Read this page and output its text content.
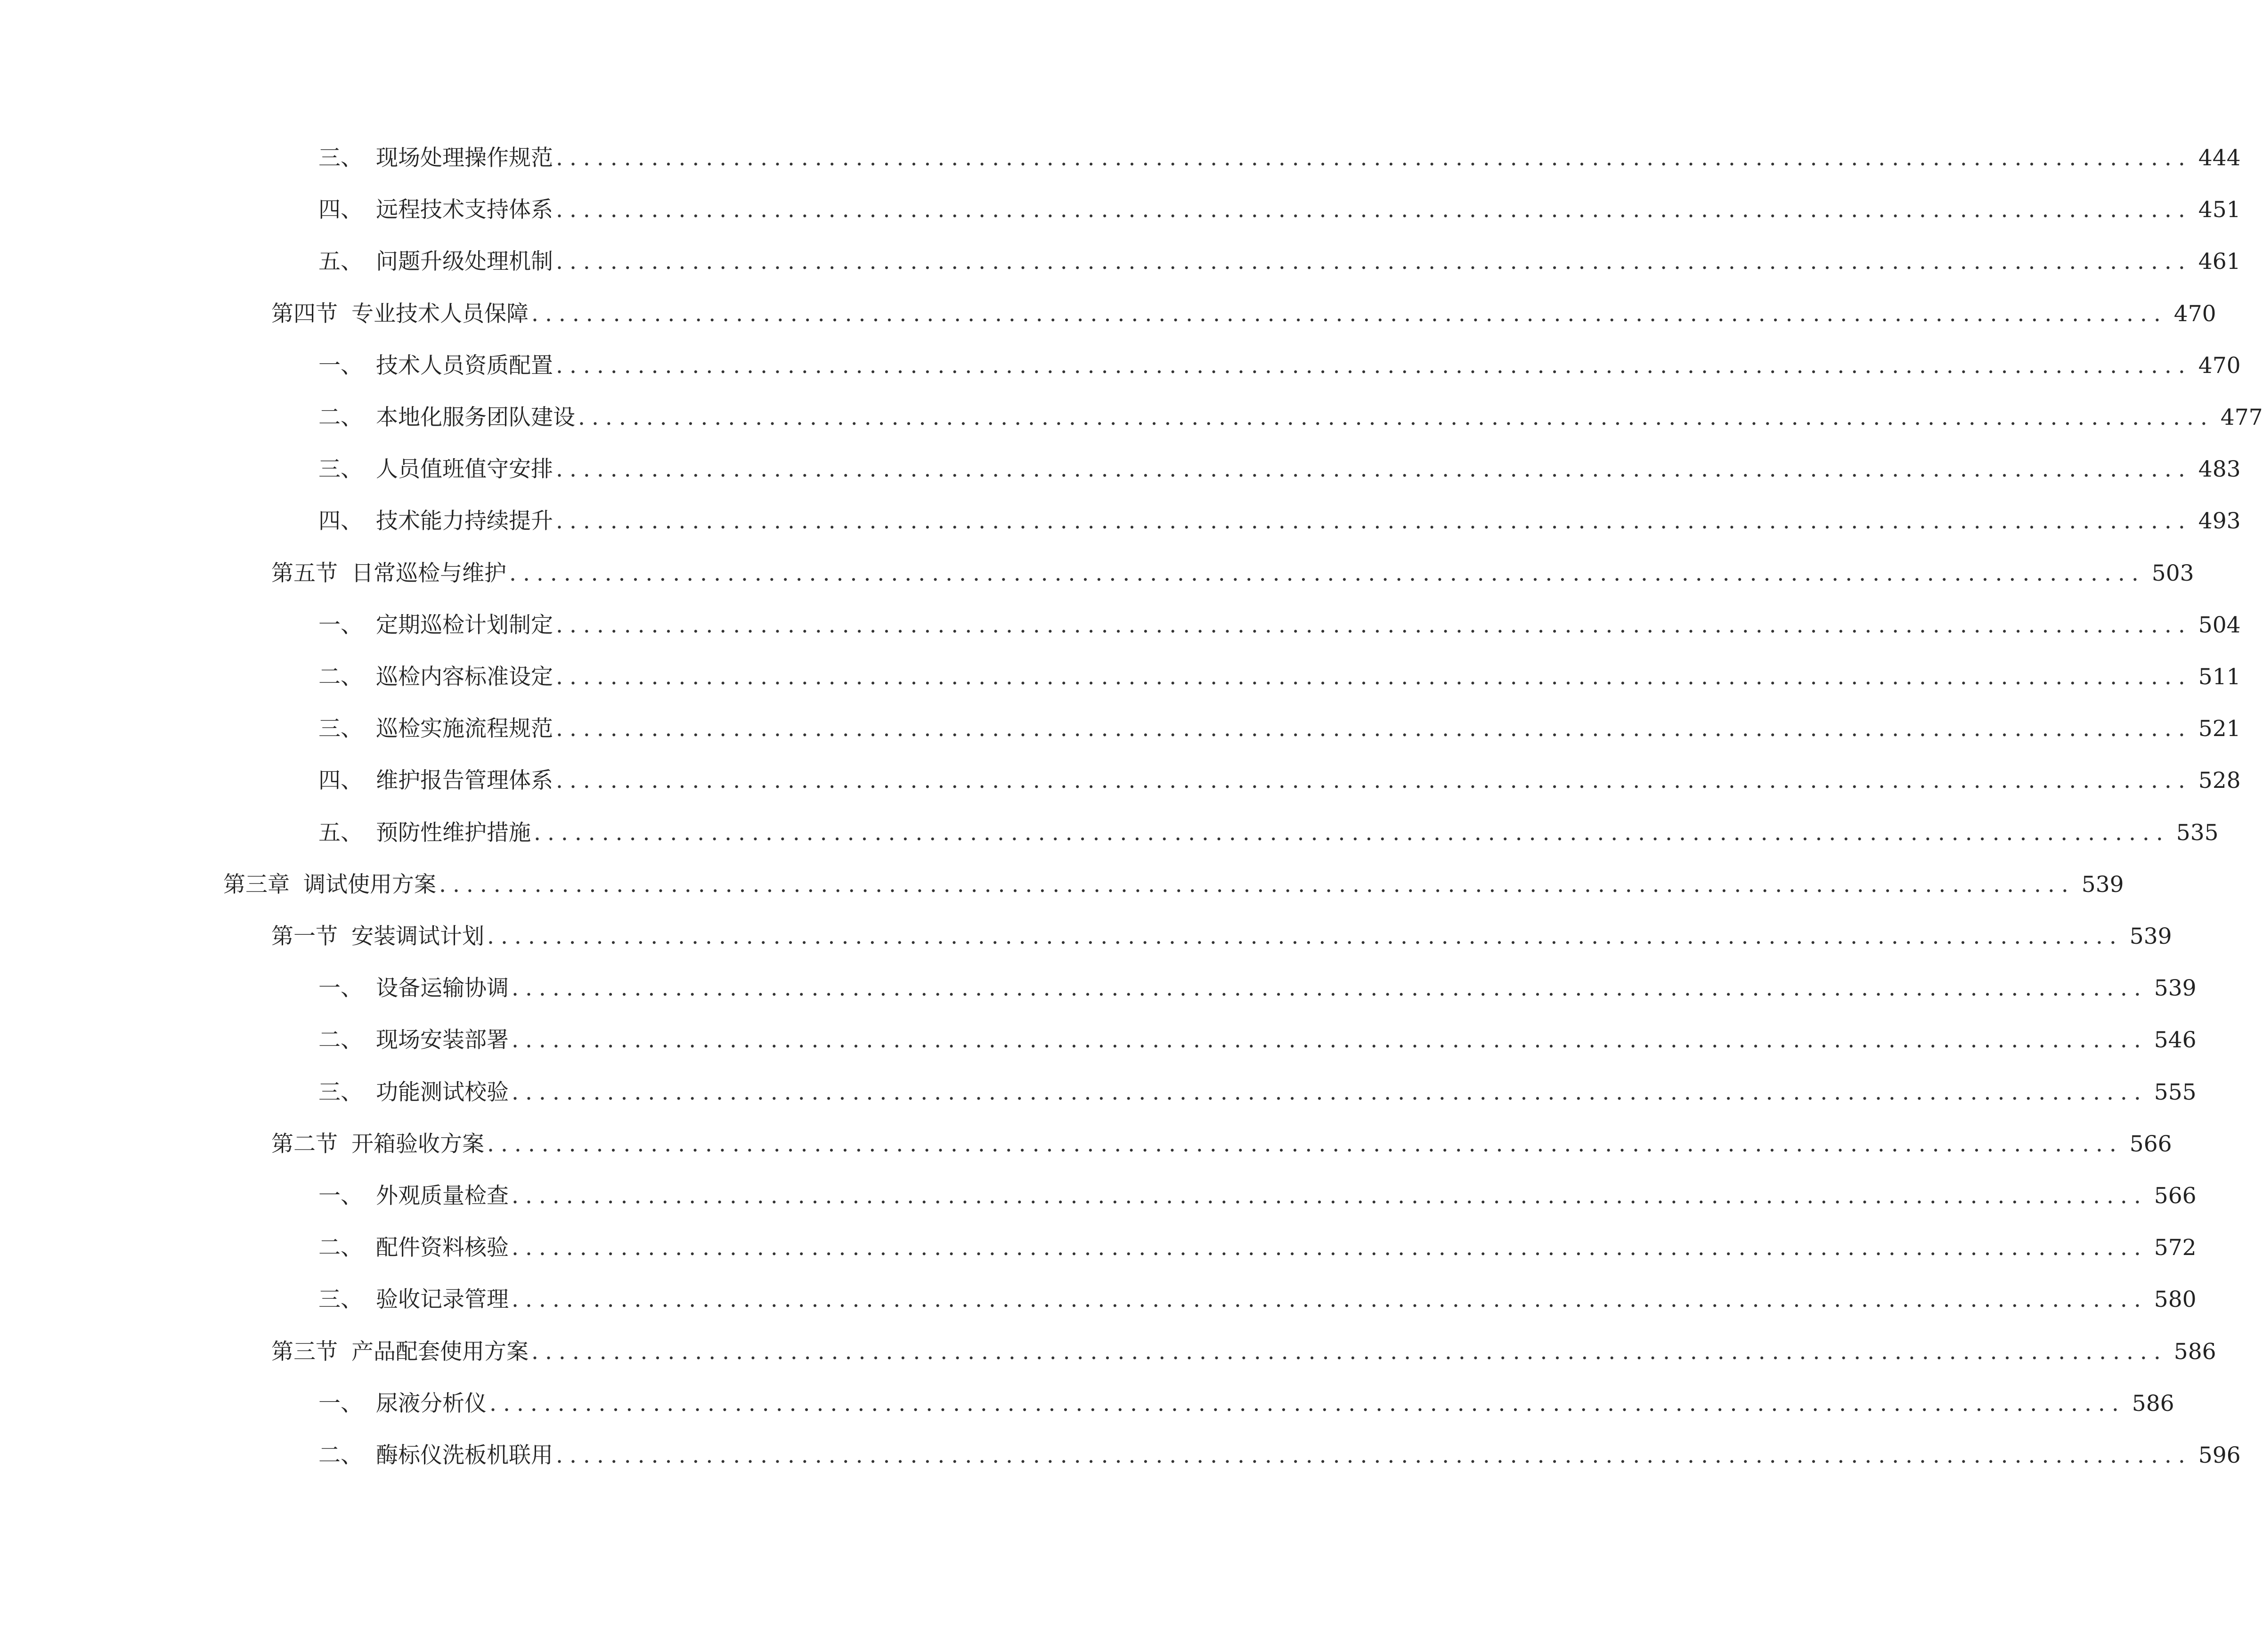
三、 现场处理操作规范 ........................................................................................................................ 444
四、 远程技术支持体系 ........................................................................................................................ 451
五、 问题升级处理机制 ........................................................................................................................ 461
第四节 专业技术人员保障 ........................................................................................................................ 470
一、 技术人员资质配置 ........................................................................................................................ 470
二、 本地化服务团队建设 ........................................................................................................................ 477
三、 人员值班值守安排 ........................................................................................................................ 483
四、 技术能力持续提升 ........................................................................................................................ 493
第五节 日常巡检与维护 ........................................................................................................................ 503
一、 定期巡检计划制定 ........................................................................................................................ 504
二、 巡检内容标准设定 ........................................................................................................................ 511
三、 巡检实施流程规范 ........................................................................................................................ 521
四、 维护报告管理体系 ........................................................................................................................ 528
五、 预防性维护措施 ........................................................................................................................ 535
第三章 调试使用方案 ........................................................................................................................ 539
第一节 安装调试计划 ........................................................................................................................ 539
一、 设备运输协调 ........................................................................................................................ 539
二、 现场安装部署 ........................................................................................................................ 546
三、 功能测试校验 ........................................................................................................................ 555
第二节 开箱验收方案 ........................................................................................................................ 566
一、 外观质量检查 ........................................................................................................................ 566
二、 配件资料核验 ........................................................................................................................ 572
三、 验收记录管理 ........................................................................................................................ 580
第三节 产品配套使用方案 ........................................................................................................................ 586
一、 尿液分析仪 ........................................................................................................................ 586
二、 酶标仪洗板机联用 ........................................................................................................................ 596
